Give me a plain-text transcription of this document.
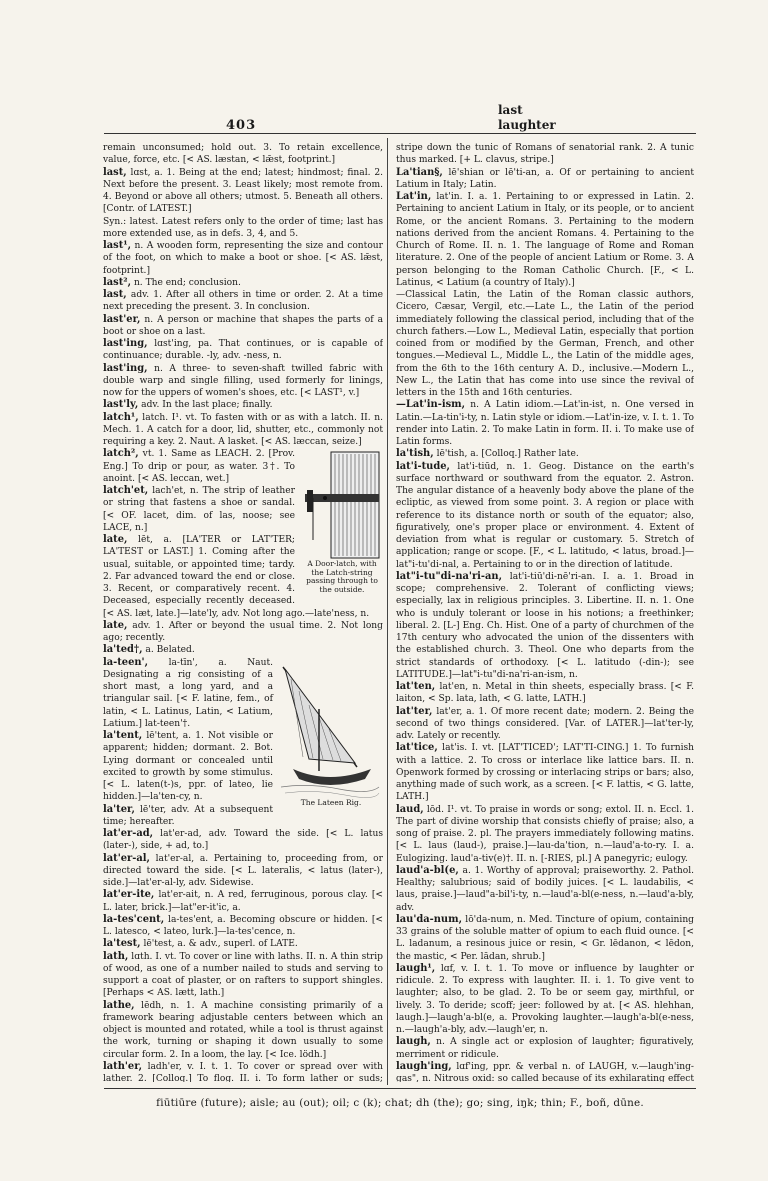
403
last
laughter

remain unconsumed; hold out. 3. To retain excellence, value, force, etc. [< AS. læstan, < lǣst, footprint.]

last, lɑst, a. 1. Being at the end; latest; hindmost; final. 2. Next before the present. 3. Least likely; most remote from. 4. Beyond or above all others; utmost. 5. Beneath all others. [Contr. of LATEST.]

Syn.: latest. Latest refers only to the order of time; last has more extended use, as in defs. 3, 4, and 5.

last¹, n. A wooden form, representing the size and contour of the foot, on which to make a boot or shoe. [< AS. lǣst, footprint.]

last², n. The end; conclusion.

last, adv. 1. After all others in time or order. 2. At a time next preceding the present. 3. In conclusion.

last'er, n. A person or machine that shapes the parts of a boot or shoe on a last.

last'ing, lɑst'ing, pa. That continues, or is capable of continuance; durable. -ly, adv. -ness, n.

last'ing, n. A three- to seven-shaft twilled fabric with double warp and single filling, used formerly for linings, now for the uppers of women's shoes, etc. [< LAST¹, v.]

last'ly, adv. In the last place; finally.

latch¹, latch. I¹. vt. To fasten with or as with a latch. II. n. Mech. 1. A catch for a door, lid, shutter, etc., commonly not requiring a key. 2. Naut. A lasket. [< AS. læccan, seize.]

A Door-latch, with the Latch-string passing through to the outside.

latch², vt. 1. Same as LEACH. 2. [Prov. Eng.] To drip or pour, as water. 3†. To anoint. [< AS. leccan, wet.]

latch'et, lach'et, n. The strip of leather or string that fastens a shoe or sandal. [< OF. lacet, dim. of las, noose; see LACE, n.]

late, lēt, a. [LA'TER or LAT'TER; LA'TEST or LAST.] 1. Coming after the usual, suitable, or appointed time; tardy. 2. Far advanced toward the end or close. 3. Recent, or comparatively recent. 4. Deceased, especially recently deceased. [< AS. læt, late.]—late'ly, adv. Not long ago.—late'ness, n.

late, adv. 1. After or beyond the usual time. 2. Not long ago; recently.

la'ted†, a. Belated.

The Lateen Rig.

la-teen', la-tīn', a. Naut. Designating a rig consisting of a short mast, a long yard, and a triangular sail. [< F. latine, fem., of latin, < L. Latinus, Latin, < Latium, Latium.] lat-teen'†.

la'tent, lē'tent, a. 1. Not visible or apparent; hidden; dormant. 2. Bot. Lying dormant or concealed until excited to growth by some stimulus. [< L. laten(t-)s, ppr. of lateo, lie hidden.]—la'ten-cy, n.

la'ter, lē'ter, adv. At a subsequent time; hereafter.

lat'er-ad, lat'er-ad, adv. Toward the side. [< L. latus (later-), side, + ad, to.]

lat'er-al, lat'er-al, a. Pertaining to, proceeding from, or directed toward the side. [< L. lateralis, < latus (later-), side.]—lat'er-al-ly, adv. Sidewise.

lat'er-ite, lat'er-ait, n. A red, ferruginous, porous clay. [< L. later, brick.]—lat"er-it'ic, a.

la-tes'cent, la-tes'ent, a. Becoming obscure or hidden. [< L. latesco, < lateo, lurk.]—la-tes'cence, n.

la'test, lē'test, a. & adv., superl. of LATE.

lath, lɑth. I. vt. To cover or line with laths. II. n. A thin strip of wood, as one of a number nailed to studs and serving to support a coat of plaster, or on rafters to support shingles. [Perhaps < AS. lætt, lath.]

lathe, lēdh, n. 1. A machine consisting primarily of a framework bearing adjustable centers between which an object is mounted and rotated, while a tool is thrust against the work, turning or shaping it down usually to some circular form. 2. In a loom, the lay. [< Ice. lödh.]

lath'er, ladh'er, v. I. t. 1. To cover or spread over with lather. 2. [Colloq.] To flog. II. i. To form lather or suds;

stripe down the tunic of Romans of senatorial rank. 2. A tunic thus marked. [+ L. clavus, stripe.]

La'tian§, lē'shian or lē'ti-an, a. Of or pertaining to ancient Latium in Italy; Latin.

Lat'in, lat'in. I. a. 1. Pertaining to or expressed in Latin. 2. Pertaining to ancient Latium in Italy, or its people, or to ancient Rome, or the ancient Romans. 3. Pertaining to the modern nations derived from the ancient Romans. 4. Pertaining to the Church of Rome. II. n. 1. The language of Rome and Roman literature. 2. One of the people of ancient Latium or Rome. 3. A person belonging to the Roman Catholic Church. [F., < L. Latinus, < Latium (a country of Italy).]

—Classical Latin, the Latin of the Roman classic authors, Cicero, Cæsar, Vergil, etc.—Late L., the Latin of the period immediately following the classical period, including that of the church fathers.—Low L., Medieval Latin, especially that portion coined from or modified by the German, French, and other tongues.—Medieval L., Middle L., the Latin of the middle ages, from the 6th to the 16th century A. D., inclusive.—Modern L., New L., the Latin that has come into use since the revival of letters in the 15th and 16th centuries.

—Lat'in-ism, n. A Latin idiom.—Lat'in-ist, n. One versed in Latin.—La-tin'i-ty, n. Latin style or idiom.—Lat'in-ize, v. I. t. 1. To render into Latin. 2. To make Latin in form. II. i. To make use of Latin forms.

la'tish, lē'tish, a. [Colloq.] Rather late.

lat'i-tude, lat'i-tiūd, n. 1. Geog. Distance on the earth's surface northward or southward from the equator. 2. Astron. The angular distance of a heavenly body above the plane of the ecliptic, as viewed from some point. 3. A region or place with reference to its distance north or south of the equator; also, figuratively, one's proper place or environment. 4. Extent of deviation from what is regular or customary. 5. Stretch of application; range or scope. [F., < L. latitudo, < latus, broad.]—lat"i-tu'di-nal, a. Pertaining to or in the direction of latitude.

lat"i-tu"di-na'ri-an, lat'i-tiū'di-nē'ri-an. I. a. 1. Broad in scope; comprehensive. 2. Tolerant of conflicting views; especially, lax in religious principles. 3. Libertine. II. n. 1. One who is unduly tolerant or loose in his notions; a freethinker; liberal. 2. [L-] Eng. Ch. Hist. One of a party of churchmen of the 17th century who advocated the union of the dissenters with the established church. 3. Theol. One who departs from the strict standards of orthodoxy. [< L. latitudo (-din-); see LATITUDE.]—lat"i-tu"di-na'ri-an-ism, n.

lat'ten, lat'en, n. Metal in thin sheets, especially brass. [< F. laiton, < Sp. lata, lath, < G. latte, LATH.]

lat'ter, lat'er, a. 1. Of more recent date; modern. 2. Being the second of two things considered. [Var. of LATER.]—lat'ter-ly, adv. Lately or recently.

lat'tice, lat'is. I. vt. [LAT'TICED'; LAT'TI-CING.] 1. To furnish with a lattice. 2. To cross or interlace like lattice bars. II. n. Openwork formed by crossing or interlacing strips or bars; also, anything made of such work, as a screen. [< F. lattis, < G. latte, LATH.]

laud, lōd. I¹. vt. To praise in words or song; extol. II. n. Eccl. 1. The part of divine worship that consists chiefly of praise; also, a song of praise. 2. pl. The prayers immediately following matins. [< L. laus (laud-), praise.]—lau-da'tion, n.—laud'a-to-ry. I. a. Eulogizing. laud'a-tiv(e)†. II. n. [-RIES, pl.] A panegyric; eulogy.

laud'a-bl(e, a. 1. Worthy of approval; praiseworthy. 2. Pathol. Healthy; salubrious; said of bodily juices. [< L. laudabilis, < laus, praise.]—laud"a-bil'i-ty, n.—laud'a-bl(e-ness, n.—laud'a-bly, adv.

lau'da-num, lō'da-num, n. Med. Tincture of opium, containing 33 grains of the soluble matter of opium to each fluid ounce. [< L. ladanum, a resinous juice or resin, < Gr. lēdanon, < lēdon, the mastic, < Per. lādan, shrub.]

laugh¹, lɑf, v. I. t. 1. To move or influence by laughter or ridicule. 2. To express with laughter. II. i. 1. To give vent to laughter; also, to be glad. 2. To be or seem gay, mirthful, or lively. 3. To deride; scoff; jeer: followed by at. [< AS. hlehhan, laugh.]—laugh'a-bl(e, a. Provoking laughter.—laugh'a-bl(e-ness, n.—laugh'a-bly, adv.—laugh'er, n.

laugh, n. A single act or explosion of laughter; figuratively, merriment or ridicule.

laugh'ing, lɑf'ing, ppr. & verbal n. of LAUGH, v.—laugh'ing-gas", n. Nitrous oxid: so called because of its exhilarating effect

fiūtiūre (future); aisle; au (out); oil; c (k); chat; dh (the); go; sing, iŋk; thin; F., boñ, dūne.
